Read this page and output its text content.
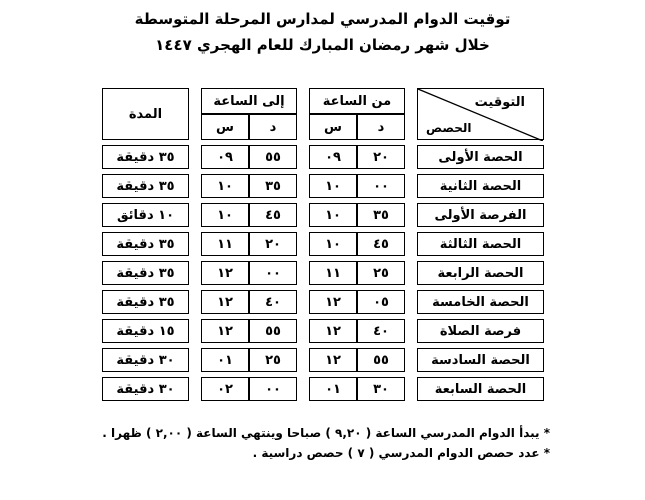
توقيت الدوام المدرسي لمدارس المرحلة المتوسطة
خلال شهر رمضان المبارك للعام الهجري ١٤٤٧
المدة		إلى الساعة			من الساعة			التوقيت
الحصص

		س	د		س	د		

٣٥ دقيقة		٠٩	٥٥		٠٩	٢٠		الحصة الأولى

٣٥ دقيقة		١٠	٣٥		١٠	٠٠		الحصة الثانية

١٠ دقائق		١٠	٤٥		١٠	٣٥		الفرصة الأولى

٣٥ دقيقة		١١	٢٠		١٠	٤٥		الحصة الثالثة

٣٥ دقيقة		١٢	٠٠		١١	٢٥		الحصة الرابعة

٣٥ دقيقة		١٢	٤٠		١٢	٠٥		الحصة الخامسة

١٥ دقيقة		١٢	٥٥		١٢	٤٠		فرصة الصلاة

٣٠ دقيقة		٠١	٢٥		١٢	٥٥		الحصة السادسة

٣٠ دقيقة		٠٢	٠٠		٠١	٣٠		الحصة السابعة
* يبدأ الدوام المدرسي الساعة ( ٩,٢٠ ) صباحا وينتهي الساعة ( ٢,٠٠ ) ظهرا .
* عدد حصص الدوام المدرسي ( ٧ ) حصص دراسية .
